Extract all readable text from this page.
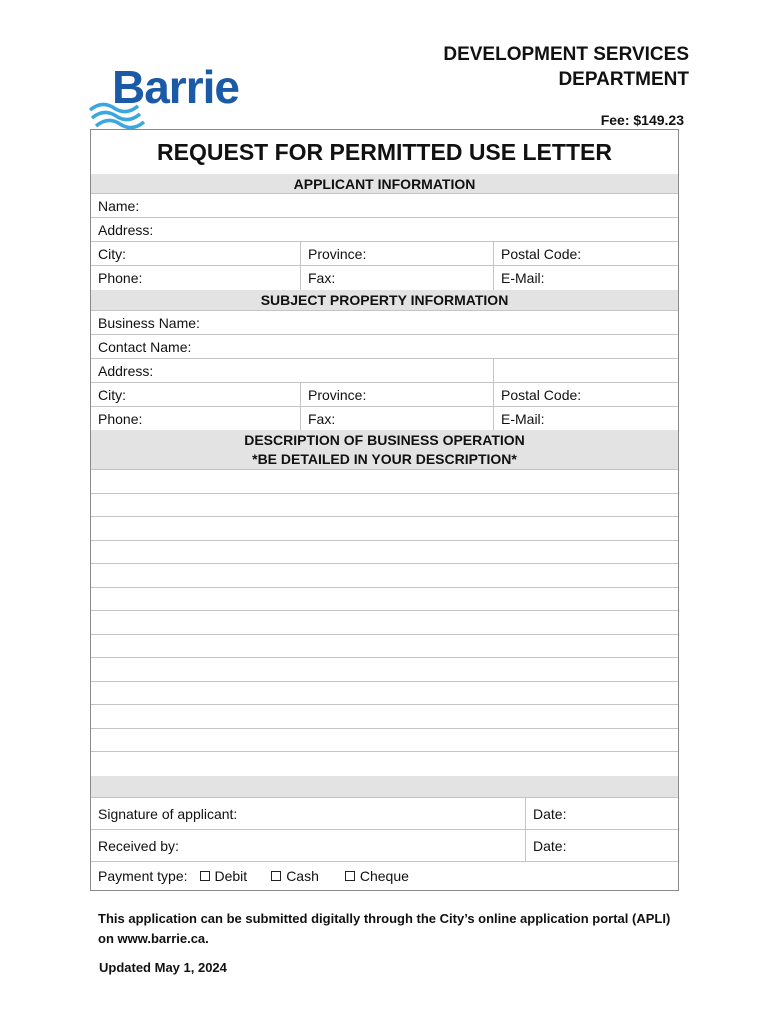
Barrie
DEVELOPMENT SERVICES
DEPARTMENT
Fee: $149.23
REQUEST FOR PERMITTED USE LETTER
APPLICANT INFORMATION
Name:
Address:
City:	Province:	Postal Code:
Phone:	Fax:	E-Mail:
SUBJECT PROPERTY INFORMATION
Business Name:
Contact Name:
Address:
City:	Province:	Postal Code:
Phone:	Fax:	E-Mail:
DESCRIPTION OF BUSINESS OPERATION
*BE DETAILED IN YOUR DESCRIPTION*
Signature of applicant:	Date:
Received by:	Date:
Payment type: Debit	Cash	Cheque
This application can be submitted digitally through the City’s online application portal (APLI) on www.barrie.ca.
Updated May 1, 2024
